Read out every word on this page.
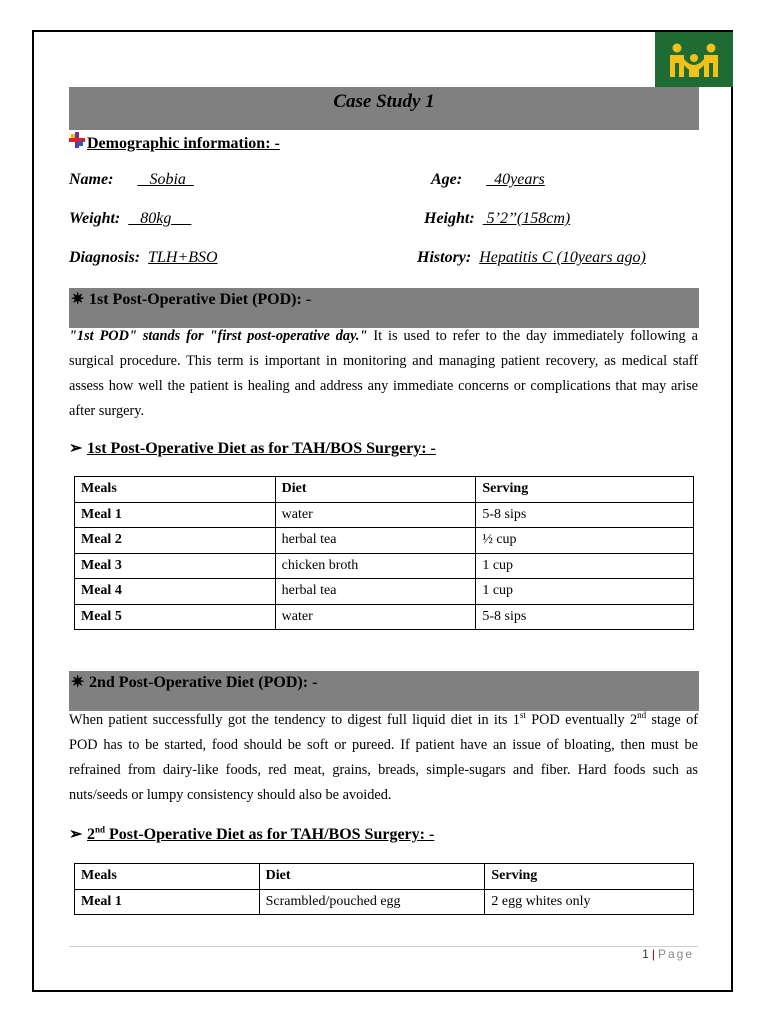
Case Study 1
Demographic information: -
Name:         Sobia	Age:        40years
Weight:     80kg	Height:   5’2’’(158cm)
Diagnosis: TLH+BSO	History: Hepatitis C (10years ago)
✷ 1st Post-Operative Diet (POD): -
"1st POD" stands for "first post-operative day." It is used to refer to the day immediately following a surgical procedure. This term is important in monitoring and managing patient recovery, as medical staff assess how well the patient is healing and address any immediate concerns or complications that may arise after surgery.
➢ 1st Post-Operative Diet as for TAH/BOS Surgery: -
Meals	Diet	Serving
Meal 1	water	5-8 sips
Meal 2	herbal tea	½ cup
Meal 3	chicken broth	1 cup
Meal 4	herbal tea	1 cup
Meal 5	water	5-8 sips
✷ 2nd Post-Operative Diet (POD): -
When patient successfully got the tendency to digest full liquid diet in its 1st POD eventually 2nd stage of POD has to be started, food should be soft or pureed. If patient have an issue of bloating, then must be refrained from dairy-like foods, red meat, grains, breads, simple-sugars and fiber. Hard foods such as nuts/seeds or lumpy consistency should also be avoided.
➢ 2nd Post-Operative Diet as for TAH/BOS Surgery: -
Meals	Diet	Serving
Meal 1	Scrambled/pouched egg	2 egg whites only
1 | Page
